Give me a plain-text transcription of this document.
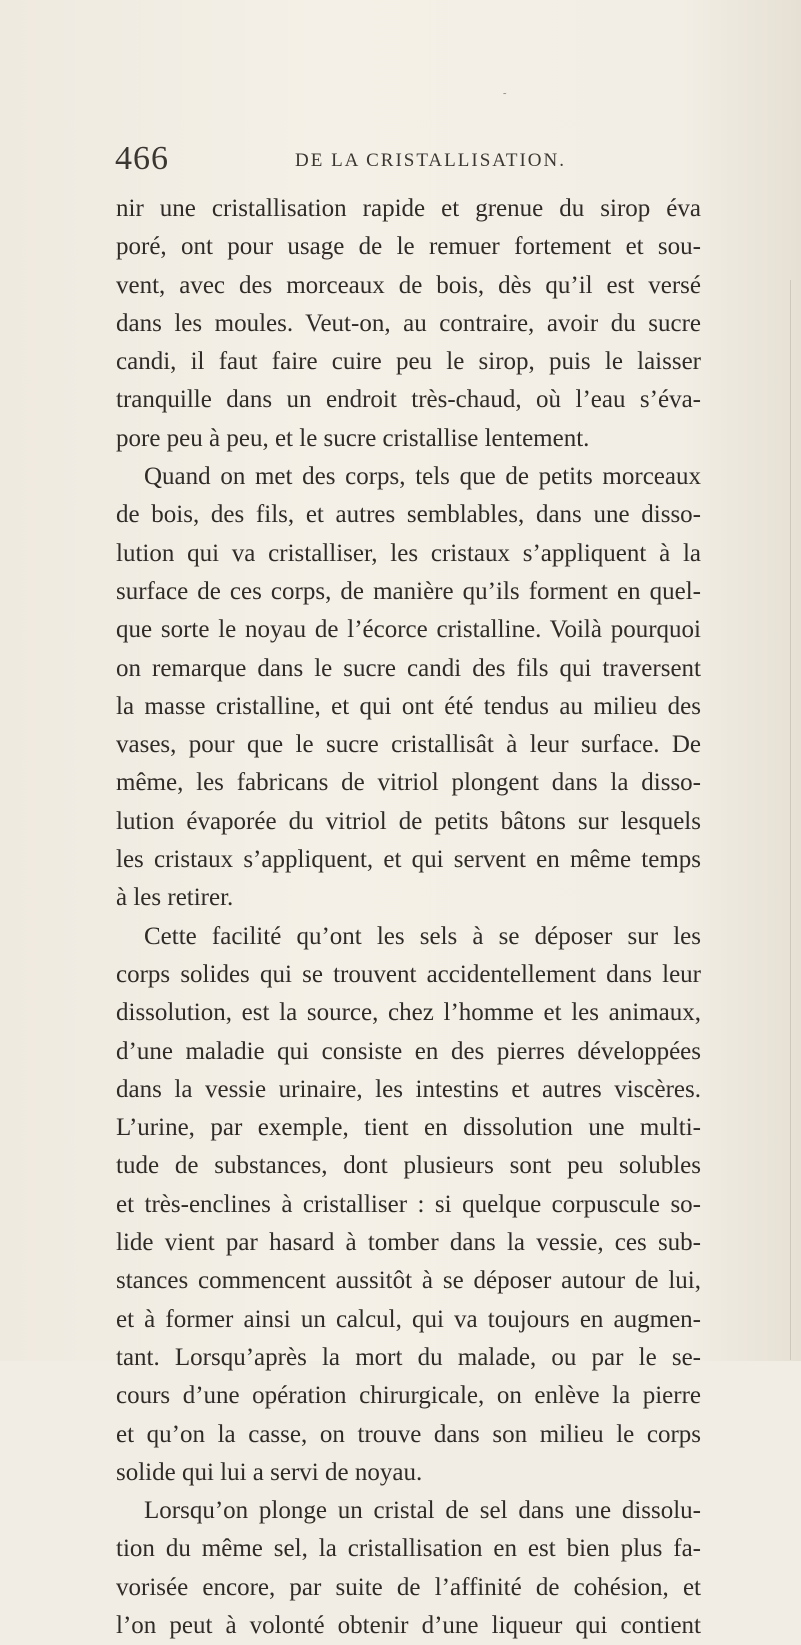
˜
466	DE LA CRISTALLISATION.
nir une cristallisation rapide et grenue du sirop éva
poré, ont pour usage de le remuer fortement et sou-
vent, avec des morceaux de bois, dès qu’il est versé
dans les moules. Veut-on, au contraire, avoir du sucre
candi, il faut faire cuire peu le sirop, puis le laisser
tranquille dans un endroit très-chaud, où l’eau s’éva-
pore peu à peu, et le sucre cristallise lentement.
Quand on met des corps, tels que de petits morceaux
de bois, des fils, et autres semblables, dans une disso-
lution qui va cristalliser, les cristaux s’appliquent à la
surface de ces corps, de manière qu’ils forment en quel-
que sorte le noyau de l’écorce cristalline. Voilà pourquoi
on remarque dans le sucre candi des fils qui traversent
la masse cristalline, et qui ont été tendus au milieu des
vases, pour que le sucre cristallisât à leur surface. De
même, les fabricans de vitriol plongent dans la disso-
lution évaporée du vitriol de petits bâtons sur lesquels
les cristaux s’appliquent, et qui servent en même temps
à les retirer.
Cette facilité qu’ont les sels à se déposer sur les
corps solides qui se trouvent accidentellement dans leur
dissolution, est la source, chez l’homme et les animaux,
d’une maladie qui consiste en des pierres développées
dans la vessie urinaire, les intestins et autres viscères.
L’urine, par exemple, tient en dissolution une multi-
tude de substances, dont plusieurs sont peu solubles
et très-enclines à cristalliser : si quelque corpuscule so-
lide vient par hasard à tomber dans la vessie, ces sub-
stances commencent aussitôt à se déposer autour de lui,
et à former ainsi un calcul, qui va toujours en augmen-
tant. Lorsqu’après la mort du malade, ou par le se-
cours d’une opération chirurgicale, on enlève la pierre
et qu’on la casse, on trouve dans son milieu le corps
solide qui lui a servi de noyau.
Lorsqu’on plonge un cristal de sel dans une dissolu-
tion du même sel, la cristallisation en est bien plus fa-
vorisée encore, par suite de l’affinité de cohésion, et
l’on peut à volonté obtenir d’une liqueur qui contient
